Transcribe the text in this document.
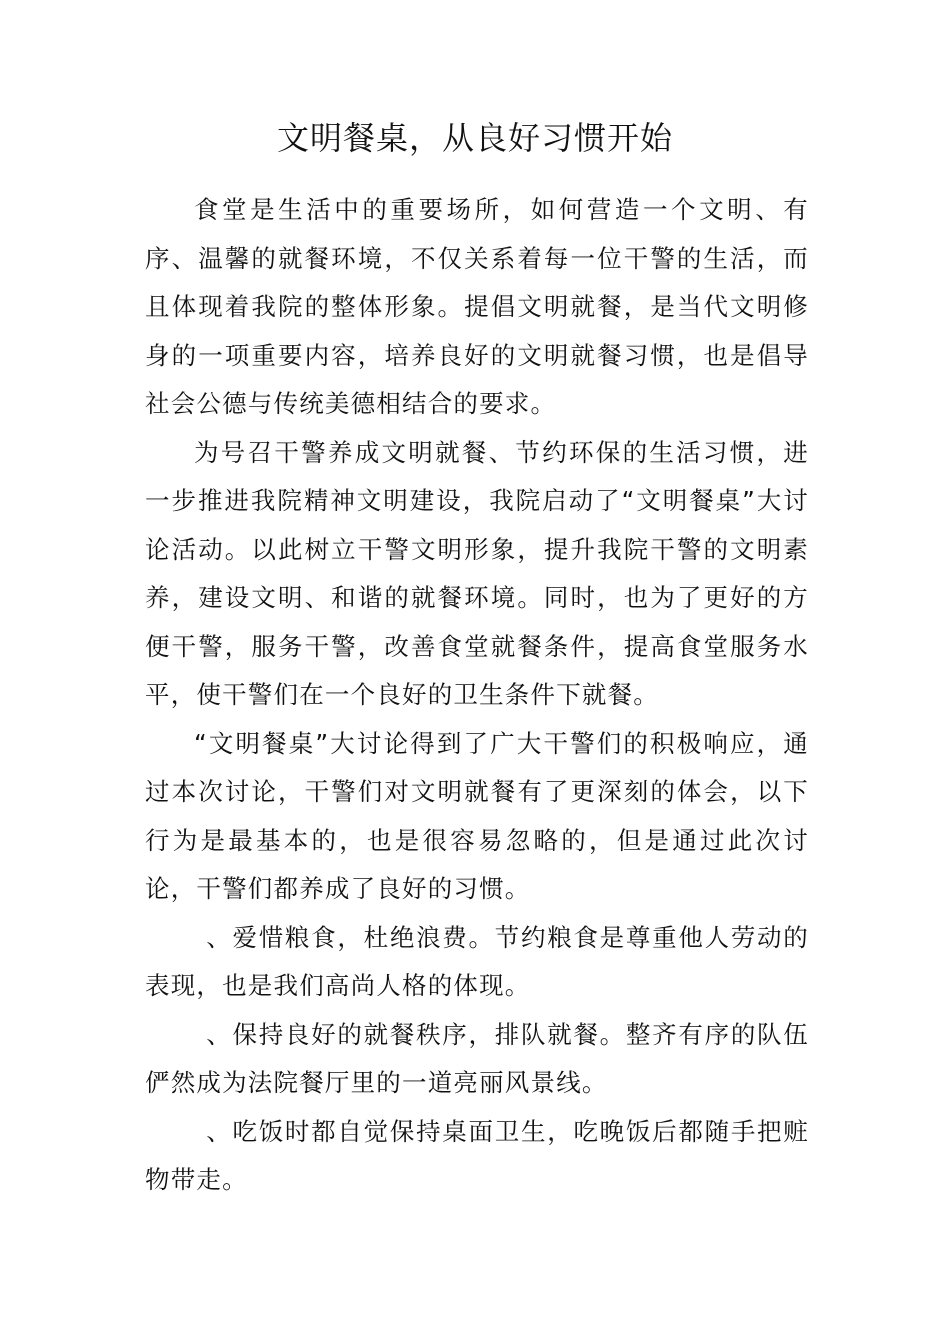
文明餐桌，从良好习惯开始

食堂是生活中的重要场所，如何营造一个文明、有序、温馨的就餐环境，不仅关系着每一位干警的生活，而且体现着我院的整体形象。提倡文明就餐，是当代文明修身的一项重要内容，培养良好的文明就餐习惯，也是倡导社会公德与传统美德相结合的要求。

为号召干警养成文明就餐、节约环保的生活习惯，进一步推进我院精神文明建设，我院启动了“文明餐桌”大讨论活动。以此树立干警文明形象，提升我院干警的文明素养，建设文明、和谐的就餐环境。同时，也为了更好的方便干警，服务干警，改善食堂就餐条件，提高食堂服务水平，使干警们在一个良好的卫生条件下就餐。

“文明餐桌”大讨论得到了广大干警们的积极响应，通过本次讨论，干警们对文明就餐有了更深刻的体会，以下行为是最基本的，也是很容易忽略的，但是通过此次讨论，干警们都养成了良好的习惯。

、爱惜粮食，杜绝浪费。节约粮食是尊重他人劳动的表现，也是我们高尚人格的体现。

、保持良好的就餐秩序，排队就餐。整齐有序的队伍俨然成为法院餐厅里的一道亮丽风景线。

、吃饭时都自觉保持桌面卫生，吃晚饭后都随手把赃物带走。
